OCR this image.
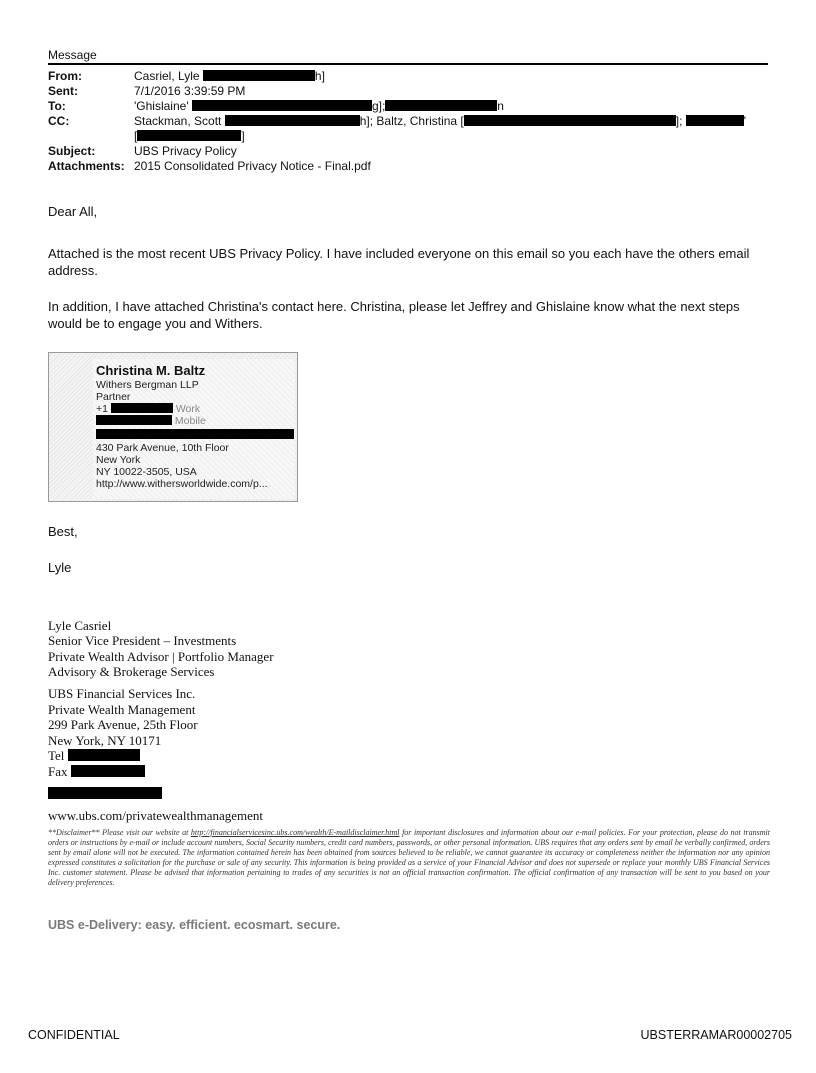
Message
From:	Casriel, Lyle	h]
Sent:	7/1/2016 3:39:59 PM
To:	'Ghislaine'	g];	n
CC:	Stackman, Scott	h]; Baltz, Christina [	];	'
[	]
Subject:	UBS Privacy Policy
Attachments: 2015 Consolidated Privacy Notice - Final.pdf
Dear All,
Attached is the most recent UBS Privacy Policy. I have included everyone on this email so you each have the others email address.
In addition, I have attached Christina's contact here. Christina, please let Jeffrey and Ghislaine know what the next steps would be to engage you and Withers.
Christina M. Baltz
Withers Bergman LLP
Partner
+1	Work
Mobile
430 Park Avenue, 10th Floor
New York
NY 10022-3505, USA
http://www.withersworldwide.com/p...
Best,
Lyle
Lyle Casriel
Senior Vice President – Investments
Private Wealth Advisor | Portfolio Manager
Advisory & Brokerage Services
UBS Financial Services Inc.
Private Wealth Management
299 Park Avenue, 25th Floor
New York, NY 10171
Tel
Fax
www.ubs.com/privatewealthmanagement
**Disclaimer** Please visit our website at http://financialservicesinc.ubs.com/wealth/E-maildisclaimer.html for important disclosures and information about our e-mail policies. For your protection, please do not transmit orders or instructions by e-mail or include account numbers, Social Security numbers, credit card numbers, passwords, or other personal information. UBS requires that any orders sent by email be verbally confirmed, orders sent by email alone will not be executed. The information contained herein has been obtained from sources believed to be reliable, we cannot guarantee its accuracy or completeness neither the information nor any opinion expressed constitutes a solicitation for the purchase or sale of any security. This information is being provided as a service of your Financial Advisor and does not supersede or replace your monthly UBS Financial Services Inc. customer statement. Please be advised that information pertaining to trades of any securities is not an official transaction confirmation. The official confirmation of any transaction will be sent to you based on your delivery preferences.
UBS e-Delivery: easy. efficient. ecosmart. secure.
CONFIDENTIAL	UBSTERRAMAR00002705
